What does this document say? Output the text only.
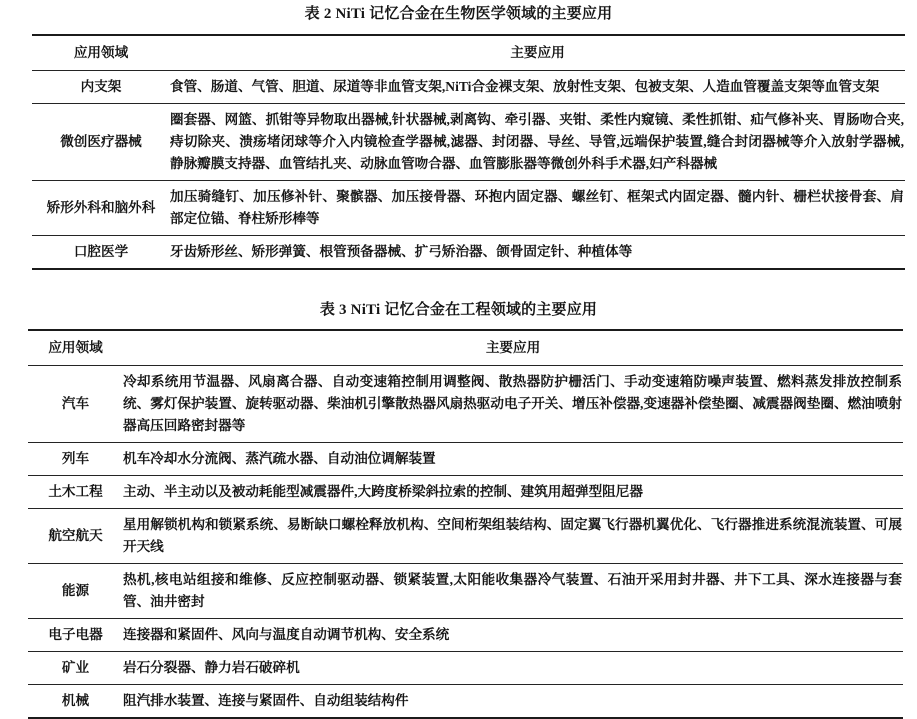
表 2 NiTi 记忆合金在生物医学领域的主要应用
应用领域	主要应用
内支架	食管、肠道、气管、胆道、尿道等非血管支架,NiTi合金裸支架、放射性支架、包被支架、人造血管覆盖支架等血管支架
微创医疗器械	圈套器、网篮、抓钳等异物取出器械,针状器械,剥离钩、牵引器、夹钳、柔性内窥镜、柔性抓钳、疝气修补夹、胃肠吻合夹,痔切除夹、溃疡堵闭球等介入内镜检查学器械,滤器、封闭器、导丝、导管,远端保护装置,缝合封闭器械等介入放射学器械,静脉瓣膜支持器、血管结扎夹、动脉血管吻合器、血管膨胀器等微创外科手术器,妇产科器械
矫形外科和脑外科	加压骑缝钉、加压修补针、聚髌器、加压接骨器、环抱内固定器、螺丝钉、框架式内固定器、髓内针、栅栏状接骨套、肩部定位锚、脊柱矫形棒等
口腔医学	牙齿矫形丝、矫形弹簧、根管预备器械、扩弓矫治器、颌骨固定针、种植体等
表 3 NiTi 记忆合金在工程领域的主要应用
应用领域	主要应用
汽车	冷却系统用节温器、风扇离合器、自动变速箱控制用调整阀、散热器防护栅活门、手动变速箱防噪声装置、燃料蒸发排放控制系统、雾灯保护装置、旋转驱动器、柴油机引擎散热器风扇热驱动电子开关、增压补偿器,变速器补偿垫圈、减震器阀垫圈、燃油喷射器高压回路密封器等
列车	机车冷却水分流阀、蒸汽疏水器、自动油位调解装置
土木工程	主动、半主动以及被动耗能型减震器件,大跨度桥梁斜拉索的控制、建筑用超弹型阻尼器
航空航天	星用解锁机构和锁紧系统、易断缺口螺栓释放机构、空间桁架组装结构、固定翼飞行器机翼优化、飞行器推进系统混流装置、可展开天线
能源	热机,核电站组接和维修、反应控制驱动器、锁紧装置,太阳能收集器冷气装置、石油开采用封井器、井下工具、深水连接器与套管、油井密封
电子电器	连接器和紧固件、风向与温度自动调节机构、安全系统
矿业	岩石分裂器、静力岩石破碎机
机械	阻汽排水装置、连接与紧固件、自动组装结构件
